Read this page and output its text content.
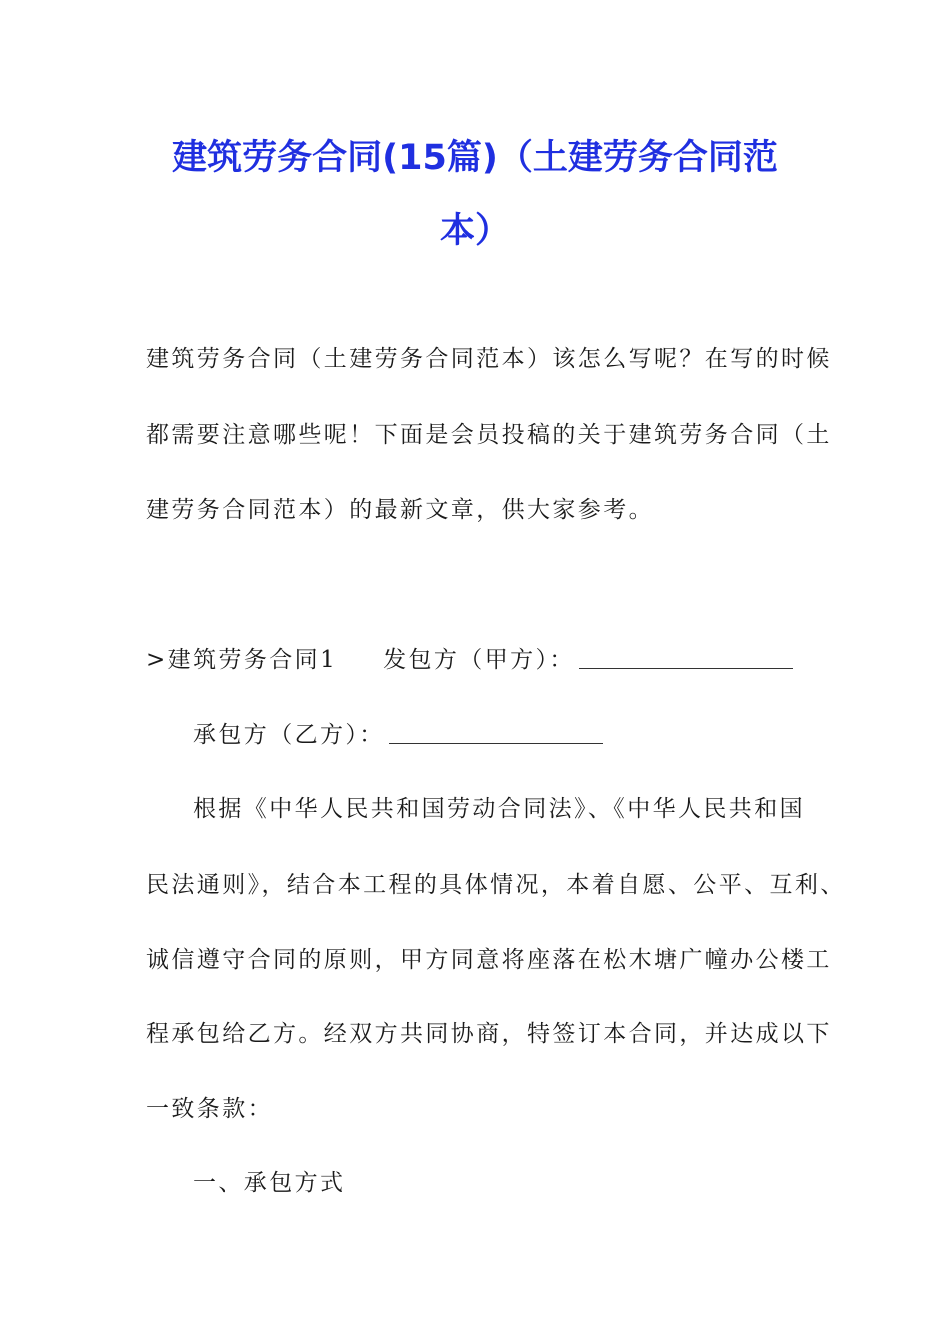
建筑劳务合同(15篇)（土建劳务合同范
本）
建筑劳务合同（土建劳务合同范本）该怎么写呢？在写的时候
都需要注意哪些呢！下面是会员投稿的关于建筑劳务合同（土
建劳务合同范本）的最新文章，供大家参考。
>建筑劳务合同1 发包方（甲方）：
承包方（乙方）：
根据《中华人民共和国劳动合同法》、《中华人民共和国
民法通则》，结合本工程的具体情况，本着自愿、公平、互利、
诚信遵守合同的原则，甲方同意将座落在松木塘广幢办公楼工
程承包给乙方。经双方共同协商，特签订本合同，并达成以下
一致条款：
一、承包方式
